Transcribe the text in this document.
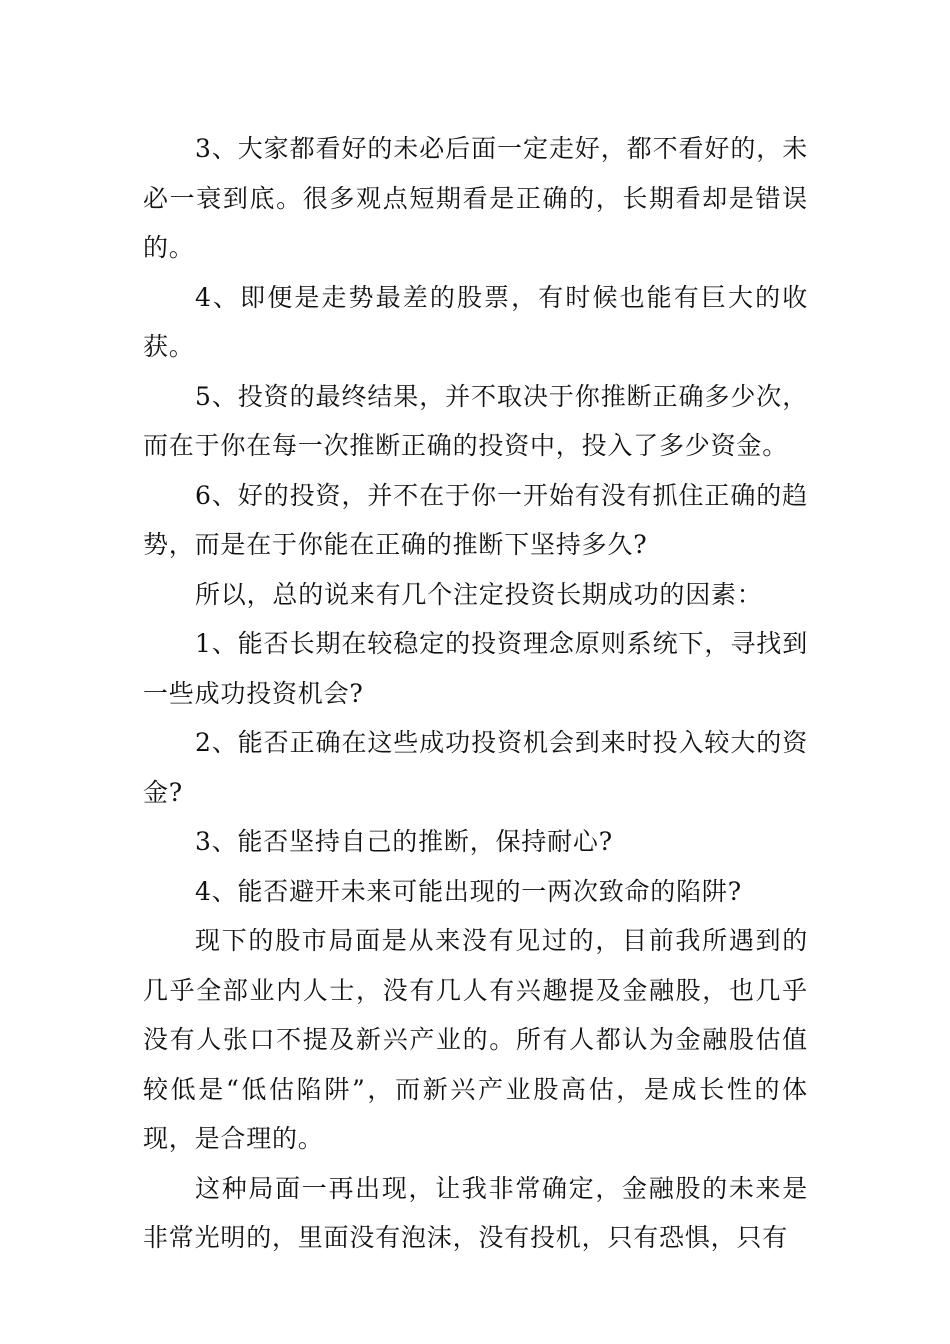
3、大家都看好的未必后面一定走好，都不看好的，未必一衰到底。很多观点短期看是正确的，长期看却是错误的。

4、即便是走势最差的股票，有时候也能有巨大的收获。

5、投资的最终结果，并不取决于你推断正确多少次，而在于你在每一次推断正确的投资中，投入了多少资金。

6、好的投资，并不在于你一开始有没有抓住正确的趋势，而是在于你能在正确的推断下坚持多久?

所以，总的说来有几个注定投资长期成功的因素：

1、能否长期在较稳定的投资理念原则系统下，寻找到一些成功投资机会?

2、能否正确在这些成功投资机会到来时投入较大的资金?

3、能否坚持自己的推断，保持耐心?

4、能否避开未来可能出现的一两次致命的陷阱?

现下的股市局面是从来没有见过的，目前我所遇到的几乎全部业内人士，没有几人有兴趣提及金融股，也几乎没有人张口不提及新兴产业的。所有人都认为金融股估值较低是“低估陷阱”，而新兴产业股高估，是成长性的体现，是合理的。

这种局面一再出现，让我非常确定，金融股的未来是非常光明的，里面没有泡沫，没有投机，只有恐惧，只有
